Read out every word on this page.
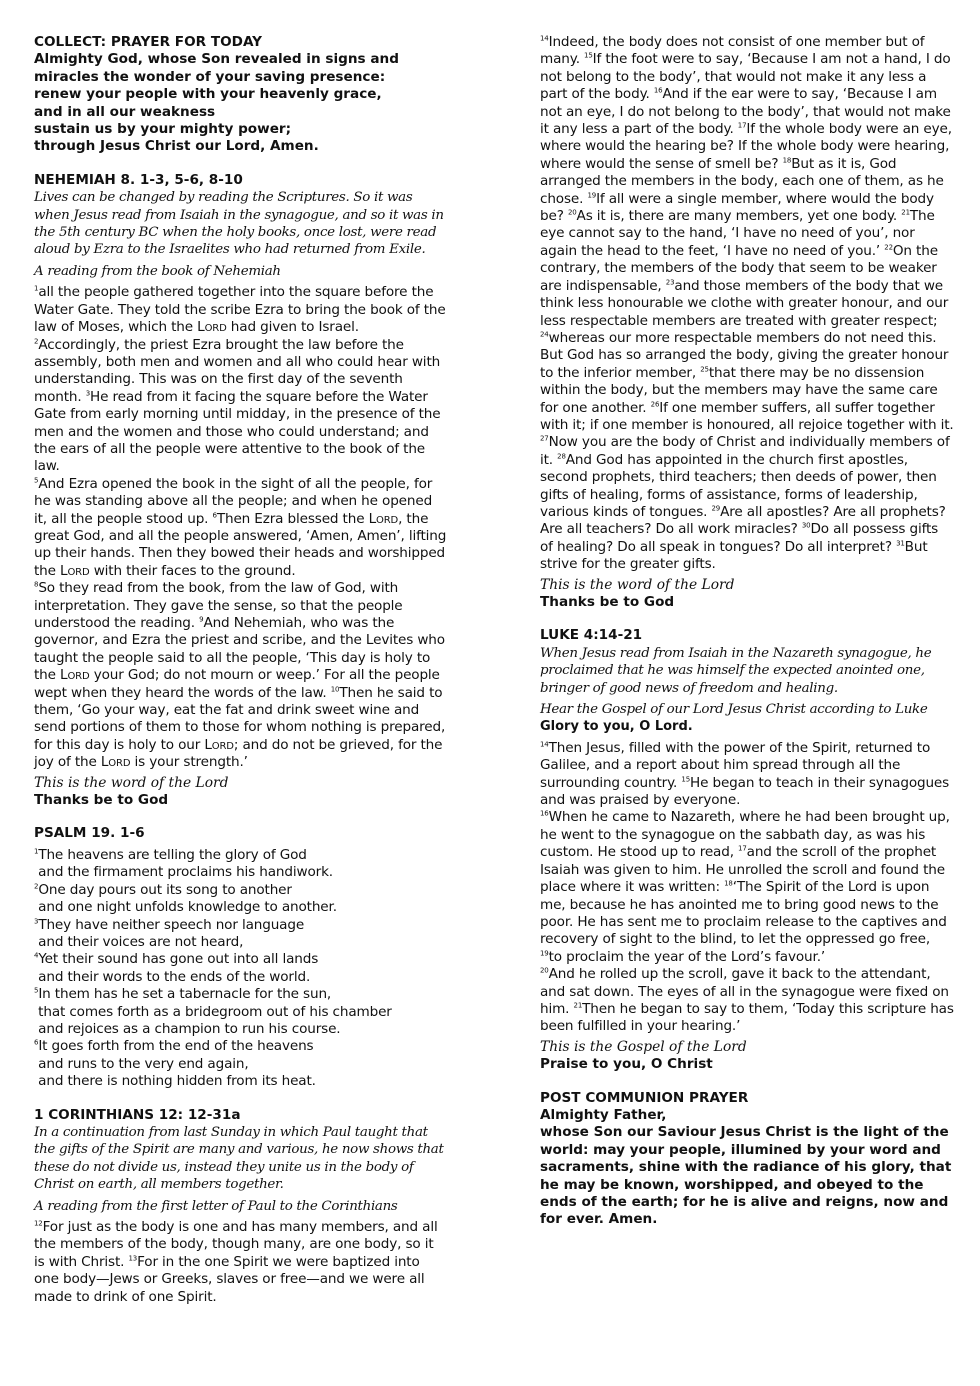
COLLECT: PRAYER FOR TODAY
Almighty God, whose Son revealed in signs and
miracles the wonder of your saving presence:
renew your people with your heavenly grace,
and in all our weakness
sustain us by your mighty power;
through Jesus Christ our Lord, Amen.
NEHEMIAH 8. 1-3, 5-6, 8-10
Lives can be changed by reading the Scriptures. So it was when Jesus read from Isaiah in the synagogue, and so it was in the 5th century BC when the holy books, once lost, were read aloud by Ezra to the Israelites who had returned from Exile.
A reading from the book of Nehemiah

$^1$all the people gathered together into the square before the Water Gate. They told the scribe Ezra to bring the book of the law of Moses, which the Lord had given to Israel. $^2$Accordingly, the priest Ezra brought the law before the assembly, both men and women and all who could hear with understanding. This was on the first day of the seventh month. $^3$He read from it facing the square before the Water Gate from early morning until midday, in the presence of the men and the women and those who could understand; and the ears of all the people were attentive to the book of the law.

$^5$And Ezra opened the book in the sight of all the people, for he was standing above all the people; and when he opened it, all the people stood up. $^6$Then Ezra blessed the Lord, the great God, and all the people answered, ‘Amen, Amen’, lifting up their hands. Then they bowed their heads and worshipped the Lord with their faces to the ground.

$^8$So they read from the book, from the law of God, with interpretation. They gave the sense, so that the people understood the reading. $^9$And Nehemiah, who was the governor, and Ezra the priest and scribe, and the Levites who taught the people said to all the people, ‘This day is holy to the Lord your God; do not mourn or weep.’ For all the people wept when they heard the words of the law. $^{10}$Then he said to them, ‘Go your way, eat the fat and drink sweet wine and send portions of them to those for whom nothing is prepared, for this day is holy to our Lord; and do not be grieved, for the joy of the Lord is your strength.’

This is the word of the Lord
Thanks be to God
PSALM 19. 1-6
$^1$The heavens are telling the glory of God
and the firmament proclaims his handiwork.
$^2$One day pours out its song to another
and one night unfolds knowledge to another.
$^3$They have neither speech nor language
and their voices are not heard,
$^4$Yet their sound has gone out into all lands
and their words to the ends of the world.
$^5$In them has he set a tabernacle for the sun,
that comes forth as a bridegroom out of his chamber
and rejoices as a champion to run his course.
$^6$It goes forth from the end of the heavens
and runs to the very end again,
and there is nothing hidden from its heat.
1 CORINTHIANS 12: 12-31a
In a continuation from last Sunday in which Paul taught that the gifts of the Spirit are many and various, he now shows that these do not divide us, instead they unite us in the body of Christ on earth, all members together.
A reading from the first letter of Paul to the Corinthians

$^{12}$For just as the body is one and has many members, and all the members of the body, though many, are one body, so it is with Christ. $^{13}$For in the one Spirit we were baptized into one body—Jews or Greeks, slaves or free—and we were all made to drink of one Spirit.

$^{14}$Indeed, the body does not consist of one member but of many. $^{15}$If the foot were to say, ‘Because I am not a hand, I do not belong to the body’, that would not make it any less a part of the body. $^{16}$And if the ear were to say, ‘Because I am not an eye, I do not belong to the body’, that would not make it any less a part of the body. $^{17}$If the whole body were an eye, where would the hearing be? If the whole body were hearing, where would the sense of smell be? $^{18}$But as it is, God arranged the members in the body, each one of them, as he chose. $^{19}$If all were a single member, where would the body be? $^{20}$As it is, there are many members, yet one body. $^{21}$The eye cannot say to the hand, ‘I have no need of you’, nor again the head to the feet, ‘I have no need of you.’ $^{22}$On the contrary, the members of the body that seem to be weaker are indispensable, $^{23}$and those members of the body that we think less honourable we clothe with greater honour, and our less respectable members are treated with greater respect; $^{24}$whereas our more respectable members do not need this. But God has so arranged the body, giving the greater honour to the inferior member, $^{25}$that there may be no dissension within the body, but the members may have the same care for one another. $^{26}$If one member suffers, all suffer together with it; if one member is honoured, all rejoice together with it. $^{27}$Now you are the body of Christ and individually members of it. $^{28}$And God has appointed in the church first apostles, second prophets, third teachers; then deeds of power, then gifts of healing, forms of assistance, forms of leadership, various kinds of tongues. $^{29}$Are all apostles? Are all prophets? Are all teachers? Do all work miracles? $^{30}$Do all possess gifts of healing? Do all speak in tongues? Do all interpret? $^{31}$But strive for the greater gifts.

This is the word of the Lord
Thanks be to God
LUKE 4:14-21
When Jesus read from Isaiah in the Nazareth synagogue, he proclaimed that he was himself the expected anointed one, bringer of good news of freedom and healing.
Hear the Gospel of our Lord Jesus Christ according to Luke
Glory to you, O Lord.

$^{14}$Then Jesus, filled with the power of the Spirit, returned to Galilee, and a report about him spread through all the surrounding country. $^{15}$He began to teach in their synagogues and was praised by everyone.

$^{16}$When he came to Nazareth, where he had been brought up, he went to the synagogue on the sabbath day, as was his custom. He stood up to read, $^{17}$and the scroll of the prophet Isaiah was given to him. He unrolled the scroll and found the place where it was written: $^{18}$‘The Spirit of the Lord is upon me, because he has anointed me to bring good news to the poor. He has sent me to proclaim release to the captives and recovery of sight to the blind, to let the oppressed go free, $^{19}$to proclaim the year of the Lord’s favour.’

$^{20}$And he rolled up the scroll, gave it back to the attendant, and sat down. The eyes of all in the synagogue were fixed on him. $^{21}$Then he began to say to them, ‘Today this scripture has been fulfilled in your hearing.’

This is the Gospel of the Lord
Praise to you, O Christ
POST COMMUNION PRAYER
Almighty Father,
whose Son our Saviour Jesus Christ is the light of the world: may your people, illumined by your word and sacraments, shine with the radiance of his glory, that he may be known, worshipped, and obeyed to the ends of the earth; for he is alive and reigns, now and for ever. Amen.
